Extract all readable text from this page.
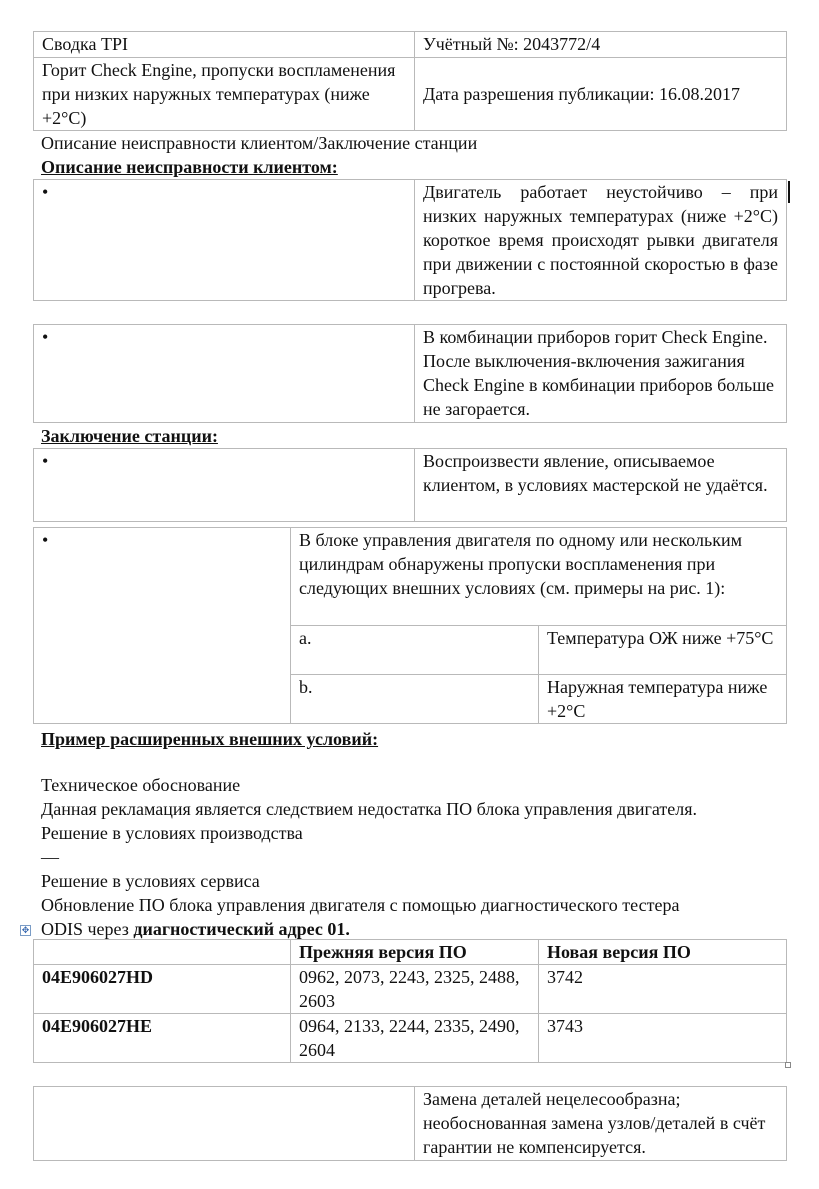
Сводка TPI	Учётный №: 2043772/4
Горит Check Engine, пропуски воспламенения при низких наружных температурах (ниже +2°C)	Дата разрешения публикации: 16.08.2017
Описание неисправности клиентом/Заключение станции
Описание неисправности клиентом:
•	Двигатель работает неустойчиво – при низких наружных температурах (ниже +2°C) короткое время происходят рывки двигателя при движении с постоянной скоростью в фазе прогрева.
•	В комбинации приборов горит Check Engine. После выключения-включения зажигания Check Engine в комбинации приборов больше не загорается.
Заключение станции:
•	Воспроизвести явление, описываемое клиентом, в условиях мастерской не удаётся.
•	В блоке управления двигателя по одному или нескольким цилиндрам обнаружены пропуски воспламенения при следующих внешних условиях (см. примеры на рис. 1):	
	a.	Температура ОЖ ниже +75°C
	b.	Наружная температура ниже +2°C
Пример расширенных внешних условий:
Техническое обоснование
Данная рекламация является следствием недостатка ПО блока управления двигателя.
Решение в условиях производства
—
Решение в условиях сервиса
Обновление ПО блока управления двигателя с помощью диагностического тестера
ODIS через диагностический адрес 01.
✥
	Прежняя версия ПО	Новая версия ПО
04E906027HD	0962, 2073, 2243, 2325, 2488, 2603	3742
04E906027HE	0964, 2133, 2244, 2335, 2490, 2604	3743
	Замена деталей нецелесообразна; необоснованная замена узлов/деталей в счёт гарантии не компенсируется.
